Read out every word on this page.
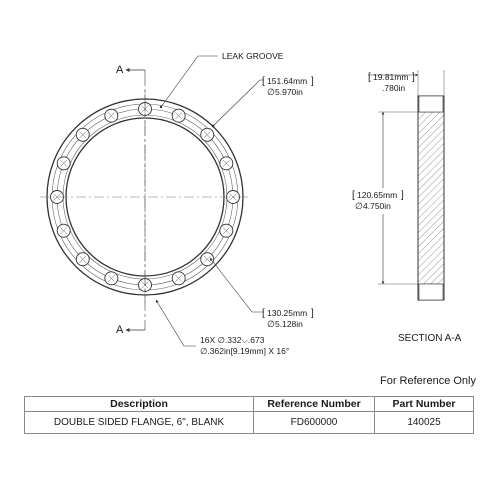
A
A
LEAK GROOVE
[ 151.64mm ]
∅ 5.970in
[ 130.25mm ]
∅ 5.128in
16X ∅.332⌵.673
∅.362in[9.19mm] X 16°
[ 19.81mm ]
.780in
[ 120.65mm ]
∅ 4.750in
SECTION A-A
For Reference Only
Description	Reference Number	Part Number
DOUBLE SIDED FLANGE, 6", BLANK	FD600000	140025
